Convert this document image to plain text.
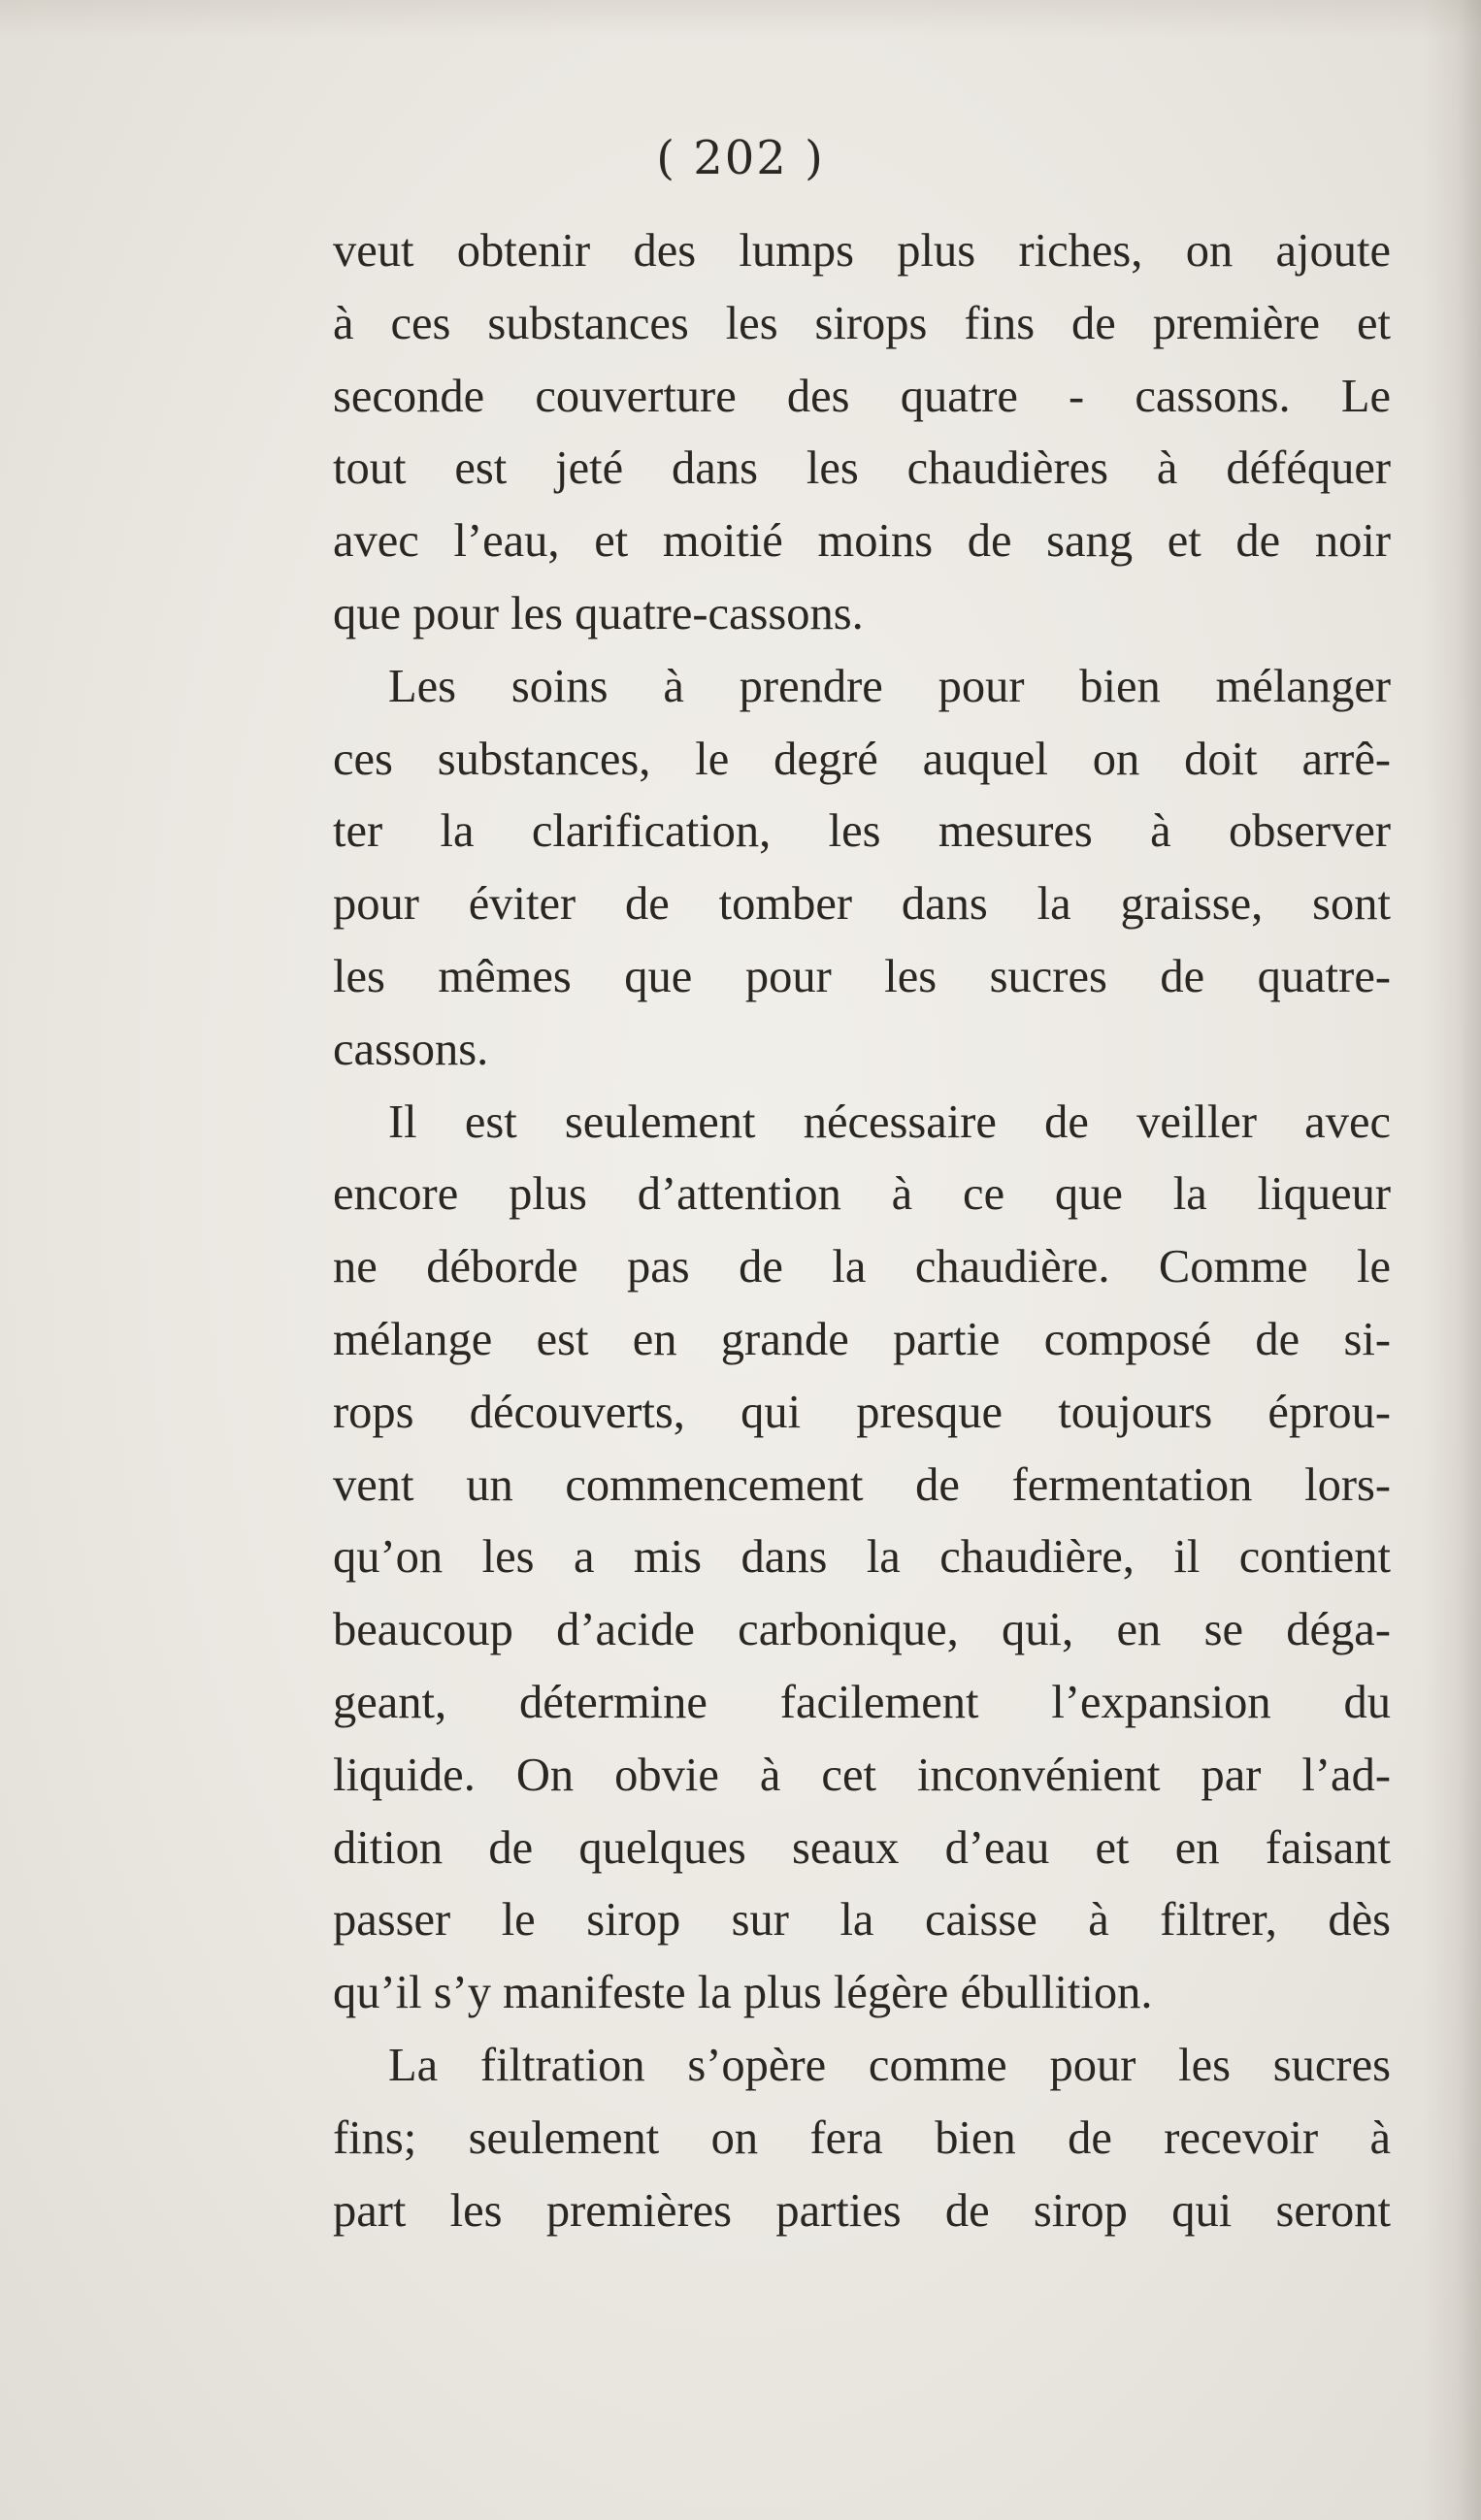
( 202 )
veut obtenir des lumps plus riches, on ajoute
à ces substances les sirops fins de première et
seconde couverture des quatre - cassons. Le
tout est jeté dans les chaudières à déféquer
avec l’eau, et moitié moins de sang et de noir
que pour les quatre-cassons.
Les soins à prendre pour bien mélanger
ces substances, le degré auquel on doit arrê-
ter la clarification, les mesures à observer
pour éviter de tomber dans la graisse, sont
les mêmes que pour les sucres de quatre-
cassons.
Il est seulement nécessaire de veiller avec
encore plus d’attention à ce que la liqueur
ne déborde pas de la chaudière. Comme le
mélange est en grande partie composé de si-
rops découverts, qui presque toujours éprou-
vent un commencement de fermentation lors-
qu’on les a mis dans la chaudière, il contient
beaucoup d’acide carbonique, qui, en se déga-
geant, détermine facilement l’expansion du
liquide. On obvie à cet inconvénient par l’ad-
dition de quelques seaux d’eau et en faisant
passer le sirop sur la caisse à filtrer, dès
qu’il s’y manifeste la plus légère ébullition.
La filtration s’opère comme pour les sucres
fins; seulement on fera bien de recevoir à
part les premières parties de sirop qui seront
